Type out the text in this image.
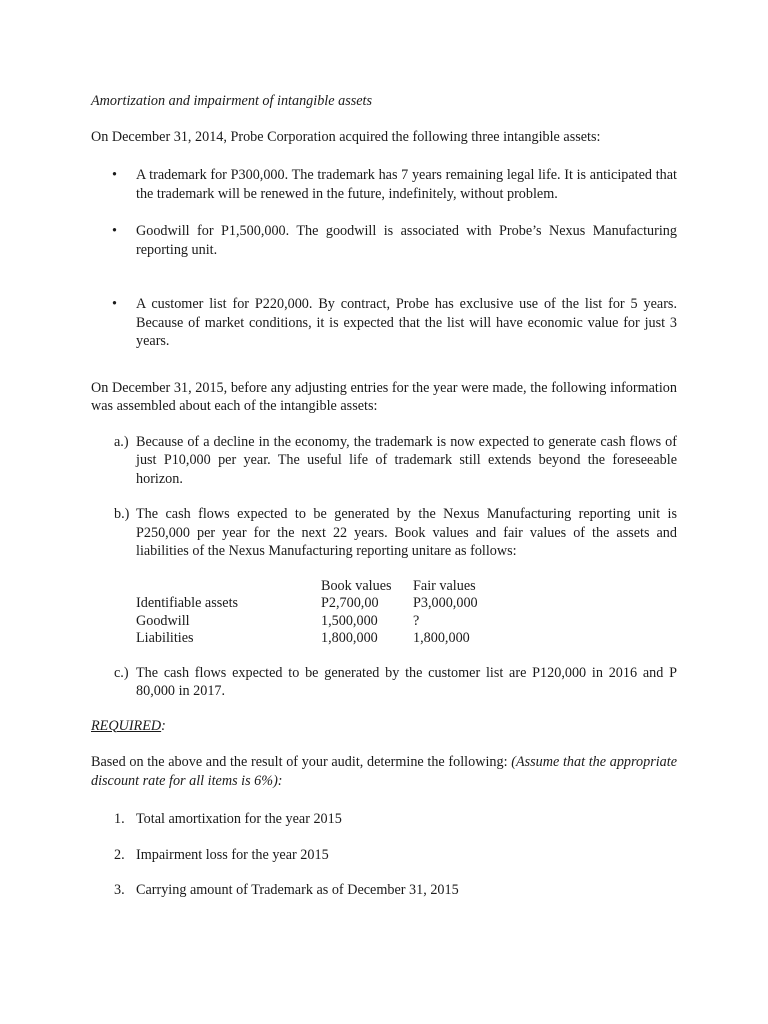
Amortization and impairment of intangible assets

On December 31, 2014, Probe Corporation acquired the following three intangible assets:

• A trademark for P300,000. The trademark has 7 years remaining legal life. It is anticipated that the trademark will be renewed in the future, indefinitely, without problem.
• Goodwill for P1,500,000. The goodwill is associated with Probe’s Nexus Manufacturing reporting unit.
• A customer list for P220,000. By contract, Probe has exclusive use of the list for 5 years. Because of market conditions, it is expected that the list will have economic value for just 3 years.

On December 31, 2015, before any adjusting entries for the year were made, the following information was assembled about each of the intangible assets:

a.) Because of a decline in the economy, the trademark is now expected to generate cash flows of just P10,000 per year. The useful life of trademark still extends beyond the foreseeable horizon.
b.) The cash flows expected to be generated by the Nexus Manufacturing reporting unit is P250,000 per year for the next 22 years. Book values and fair values of the assets and liabilities of the Nexus Manufacturing reporting unitare as follows:
	Book values	Fair values
Identifiable assets	P2,700,00	P3,000,000
Goodwill	1,500,000	?
Liabilities	1,800,000	1,800,000
c.) The cash flows expected to be generated by the customer list are P120,000 in 2016 and P 80,000 in 2017.

REQUIRED:

Based on the above and the result of your audit, determine the following: (Assume that the appropriate discount rate for all items is 6%):

1. Total amortixation for the year 2015
2. Impairment loss for the year 2015
3. Carrying amount of Trademark as of December 31, 2015
